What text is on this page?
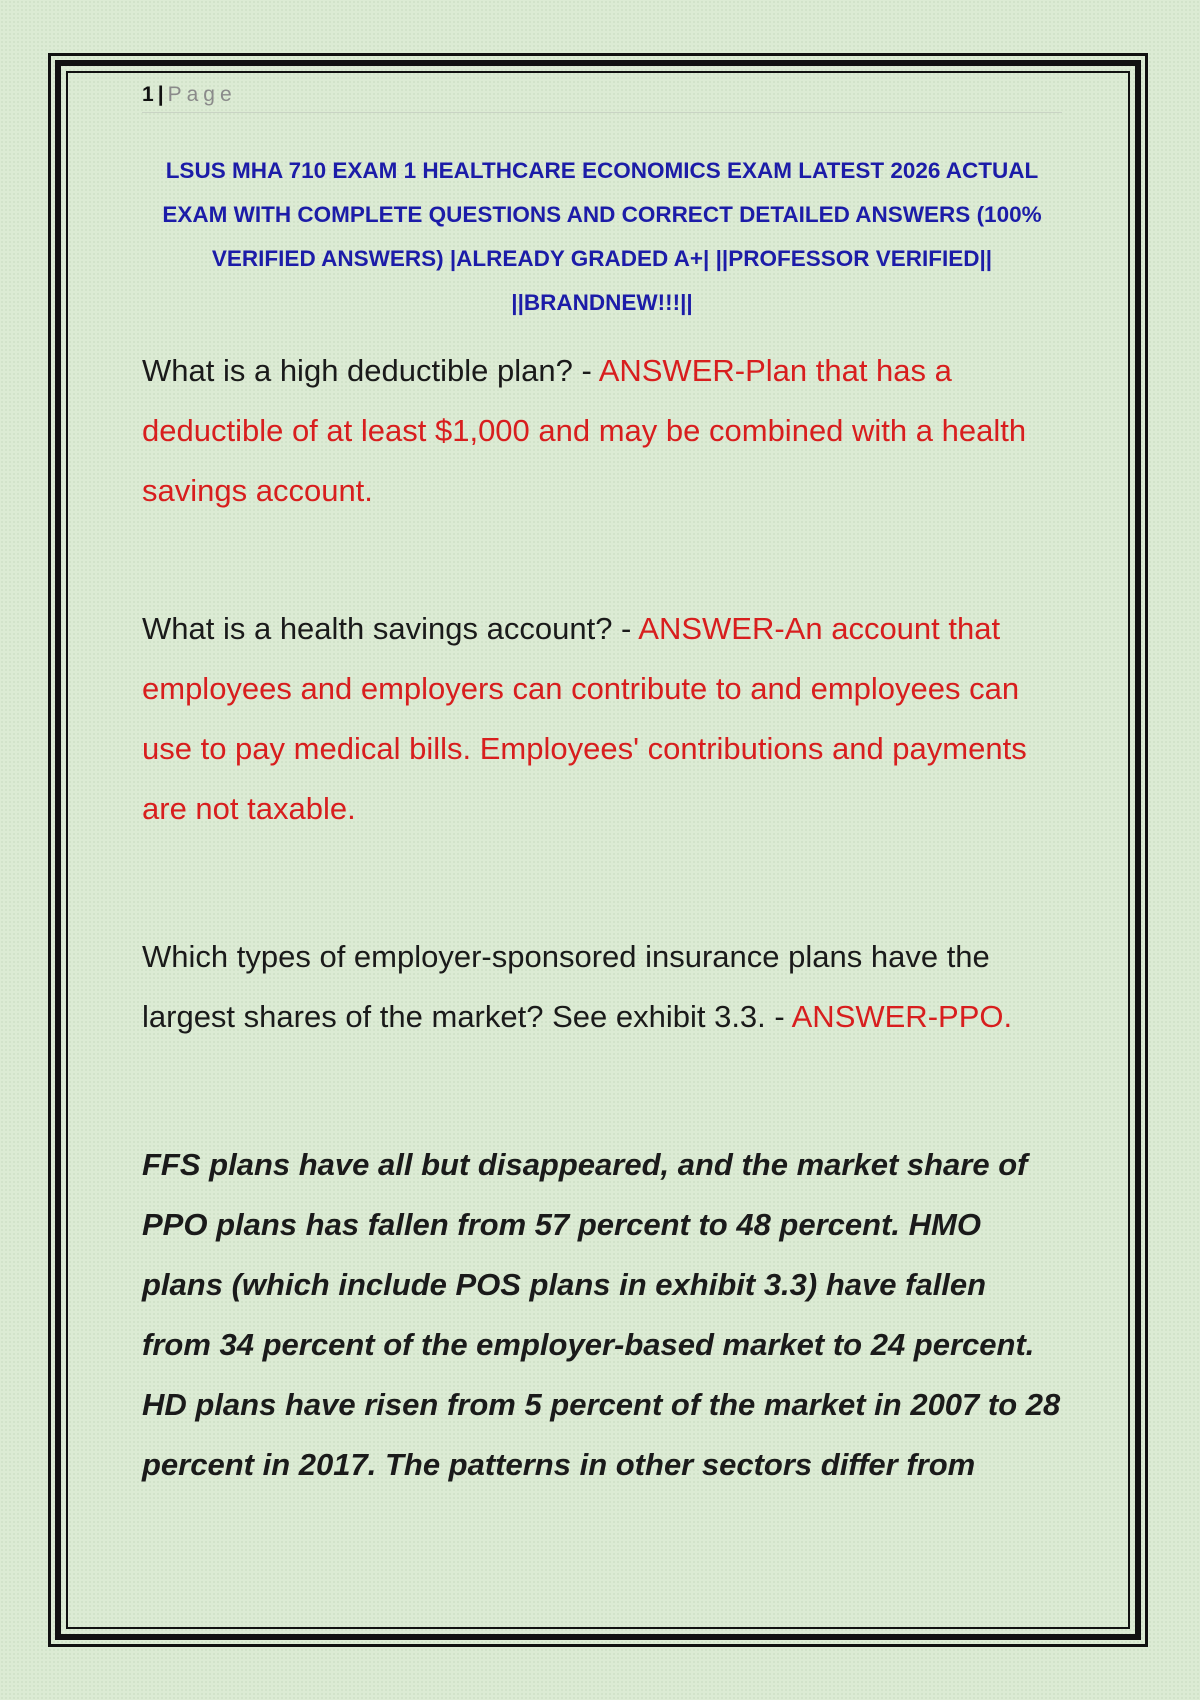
1 | Page
LSUS MHA 710 EXAM 1 HEALTHCARE ECONOMICS EXAM LATEST 2026 ACTUAL EXAM WITH COMPLETE QUESTIONS AND CORRECT DETAILED ANSWERS (100% VERIFIED ANSWERS) |ALREADY GRADED A+| ||PROFESSOR VERIFIED|| ||BRANDNEW!!!||

What is a high deductible plan? - ANSWER-Plan that has a deductible of at least $1,000 and may be combined with a health savings account.

What is a health savings account? - ANSWER-An account that employees and employers can contribute to and employees can use to pay medical bills. Employees' contributions and payments are not taxable.

Which types of employer-sponsored insurance plans have the largest shares of the market? See exhibit 3.3. - ANSWER-PPO.

FFS plans have all but disappeared, and the market share of PPO plans has fallen from 57 percent to 48 percent. HMO plans (which include POS plans in exhibit 3.3) have fallen from 34 percent of the employer-based market to 24 percent. HD plans have risen from 5 percent of the market in 2007 to 28 percent in 2017. The patterns in other sectors differ from
